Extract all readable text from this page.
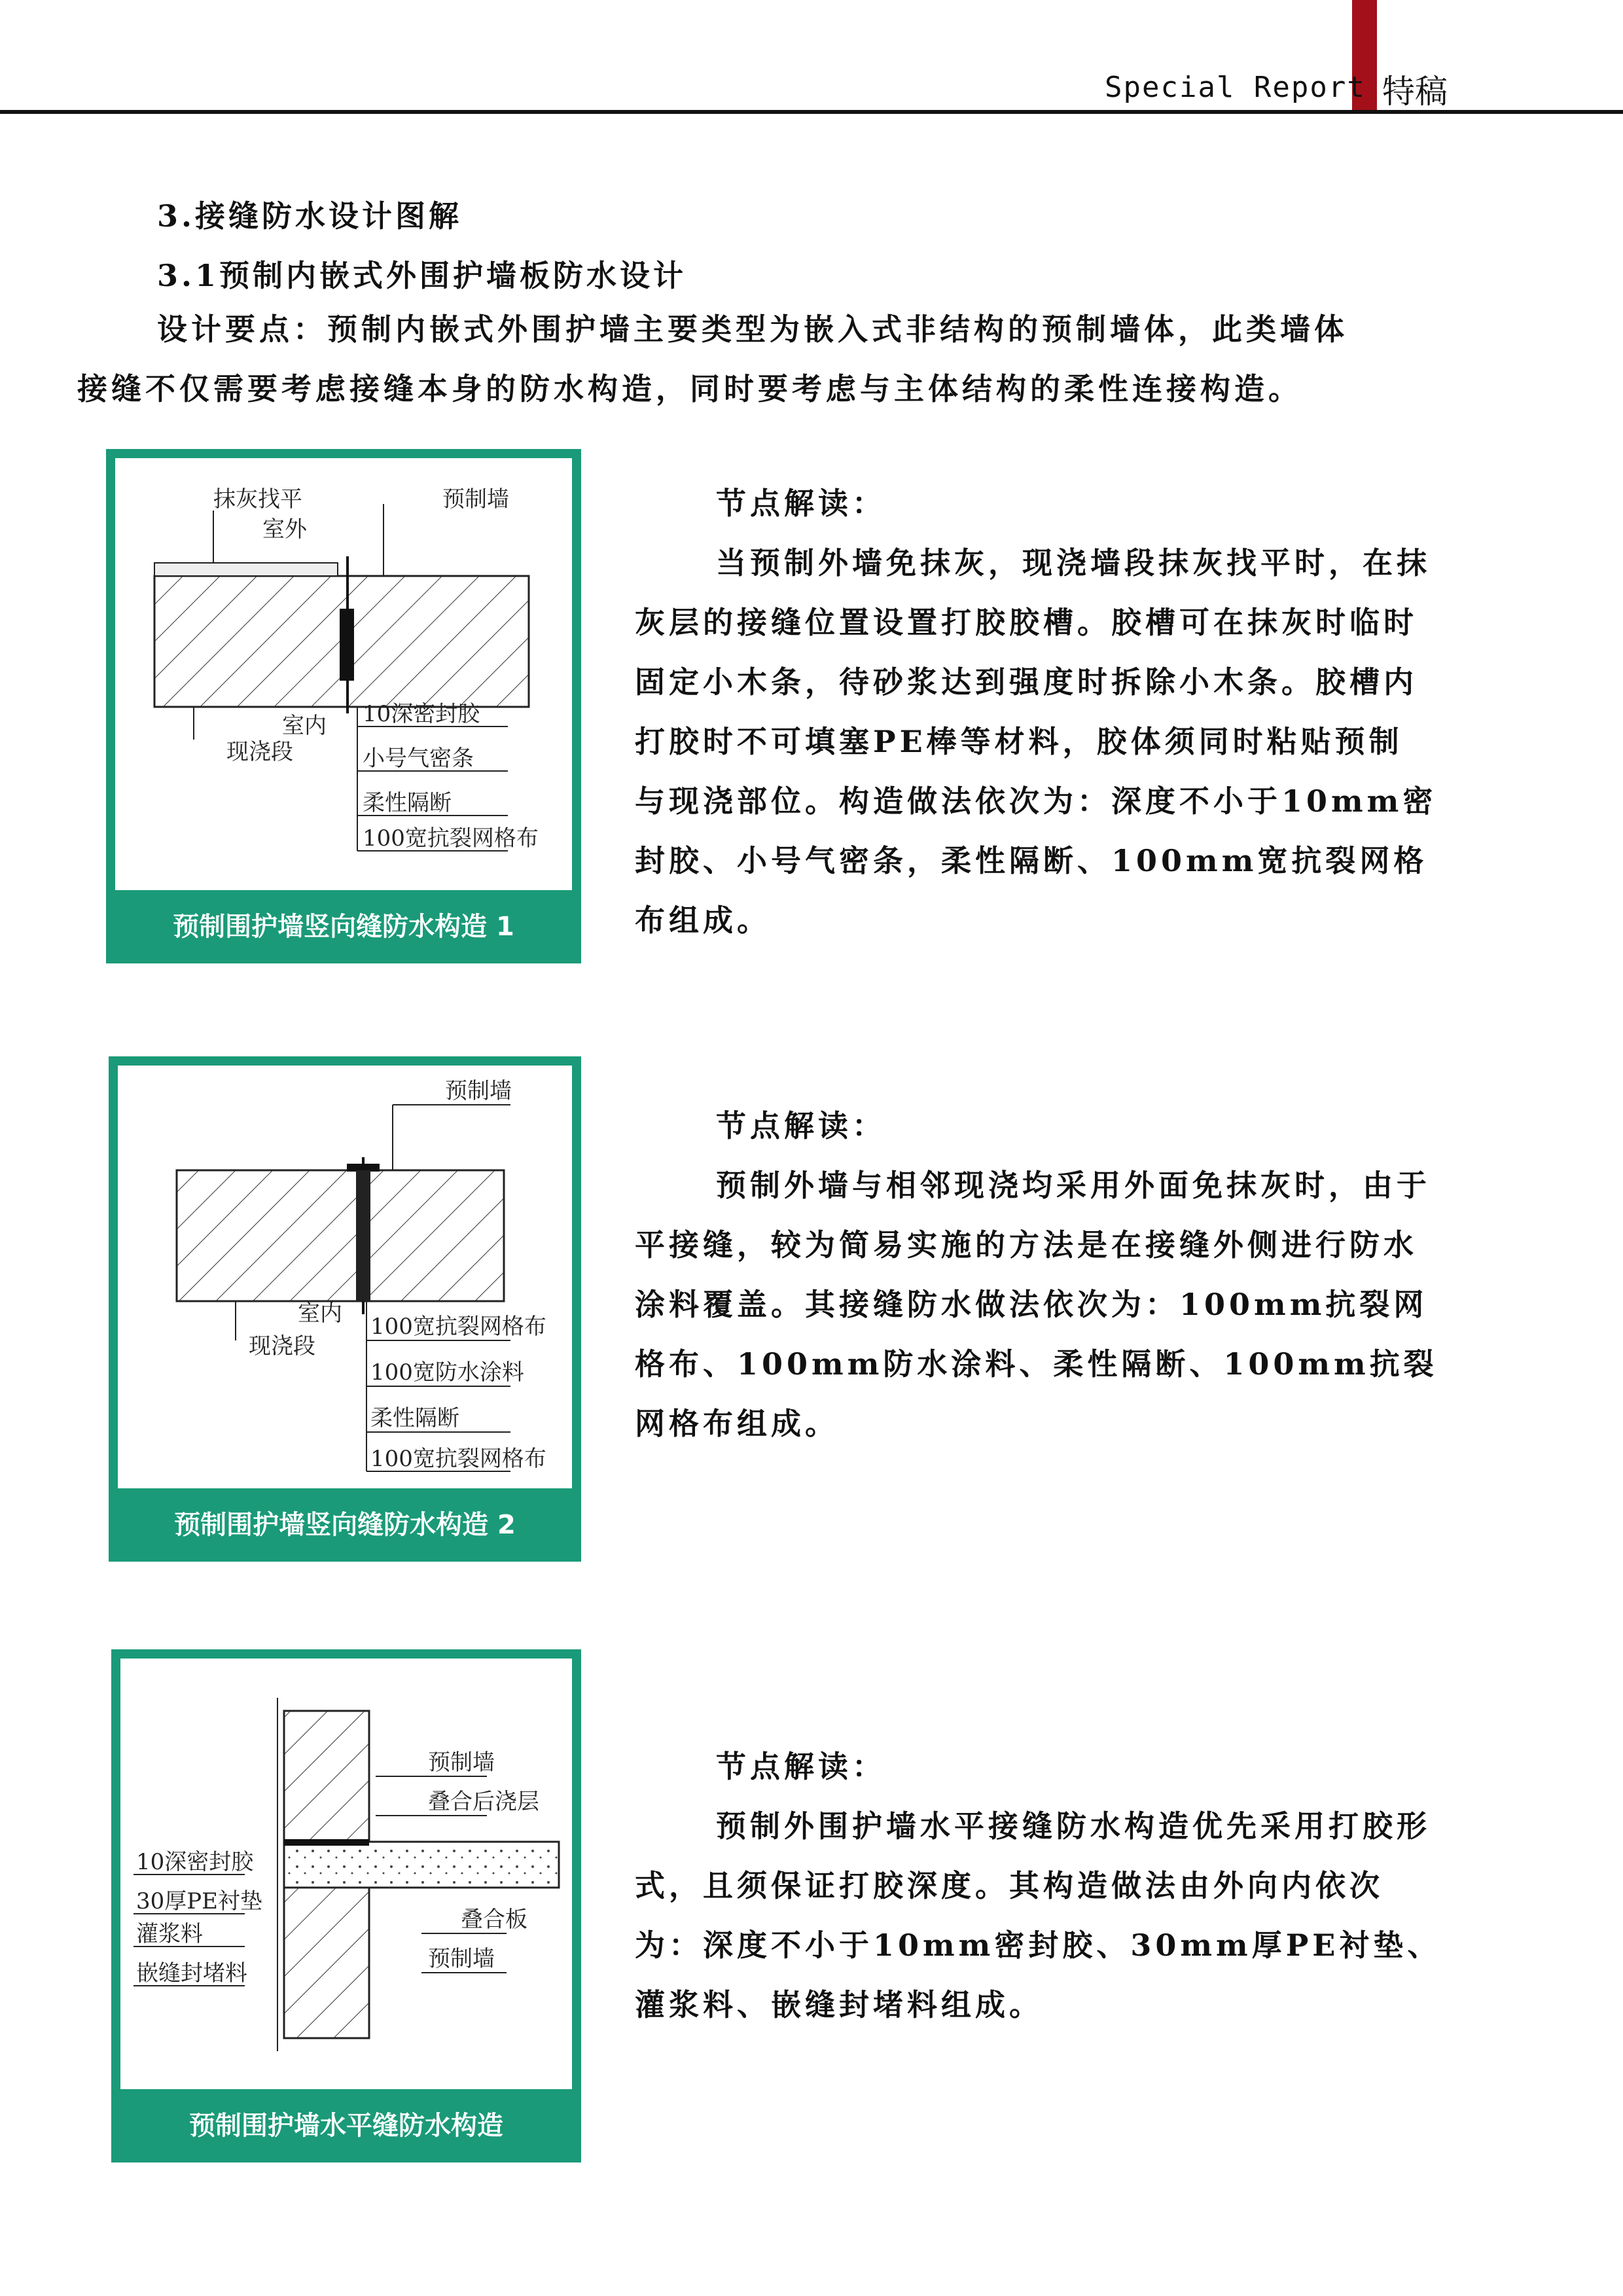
Special Report 特稿
3.接缝防水设计图解
3.1预制内嵌式外围护墙板防水设计
设计要点：预制内嵌式外围护墙主要类型为嵌入式非结构的预制墙体，此类墙体
接缝不仅需要考虑接缝本身的防水构造，同时要考虑与主体结构的柔性连接构造。
抹灰找平
室外
预制墙
室内
现浇段
10深密封胶
小号气密条
柔性隔断
100宽抗裂网格布
预制围护墙竖向缝防水构造 1
节点解读：
当预制外墙免抹灰，现浇墙段抹灰找平时，在抹
灰层的接缝位置设置打胶胶槽。胶槽可在抹灰时临时
固定小木条，待砂浆达到强度时拆除小木条。胶槽内
打胶时不可填塞PE棒等材料，胶体须同时粘贴预制
与现浇部位。构造做法依次为：深度不小于10mm密
封胶、小号气密条，柔性隔断、100mm宽抗裂网格
布组成。
预制墙
室内
现浇段
100宽抗裂网格布
100宽防水涂料
柔性隔断
100宽抗裂网格布
预制围护墙竖向缝防水构造 2
节点解读：
预制外墙与相邻现浇均采用外面免抹灰时，由于
平接缝，较为简易实施的方法是在接缝外侧进行防水
涂料覆盖。其接缝防水做法依次为：100mm抗裂网
格布、100mm防水涂料、柔性隔断、100mm抗裂
网格布组成。
预制墙
叠合后浇层
叠合板
预制墙
10深密封胶
30厚PE衬垫
灌浆料
嵌缝封堵料
预制围护墙水平缝防水构造
节点解读：
预制外围护墙水平接缝防水构造优先采用打胶形
式，且须保证打胶深度。其构造做法由外向内依次
为：深度不小于10mm密封胶、30mm厚PE衬垫、
灌浆料、嵌缝封堵料组成。
